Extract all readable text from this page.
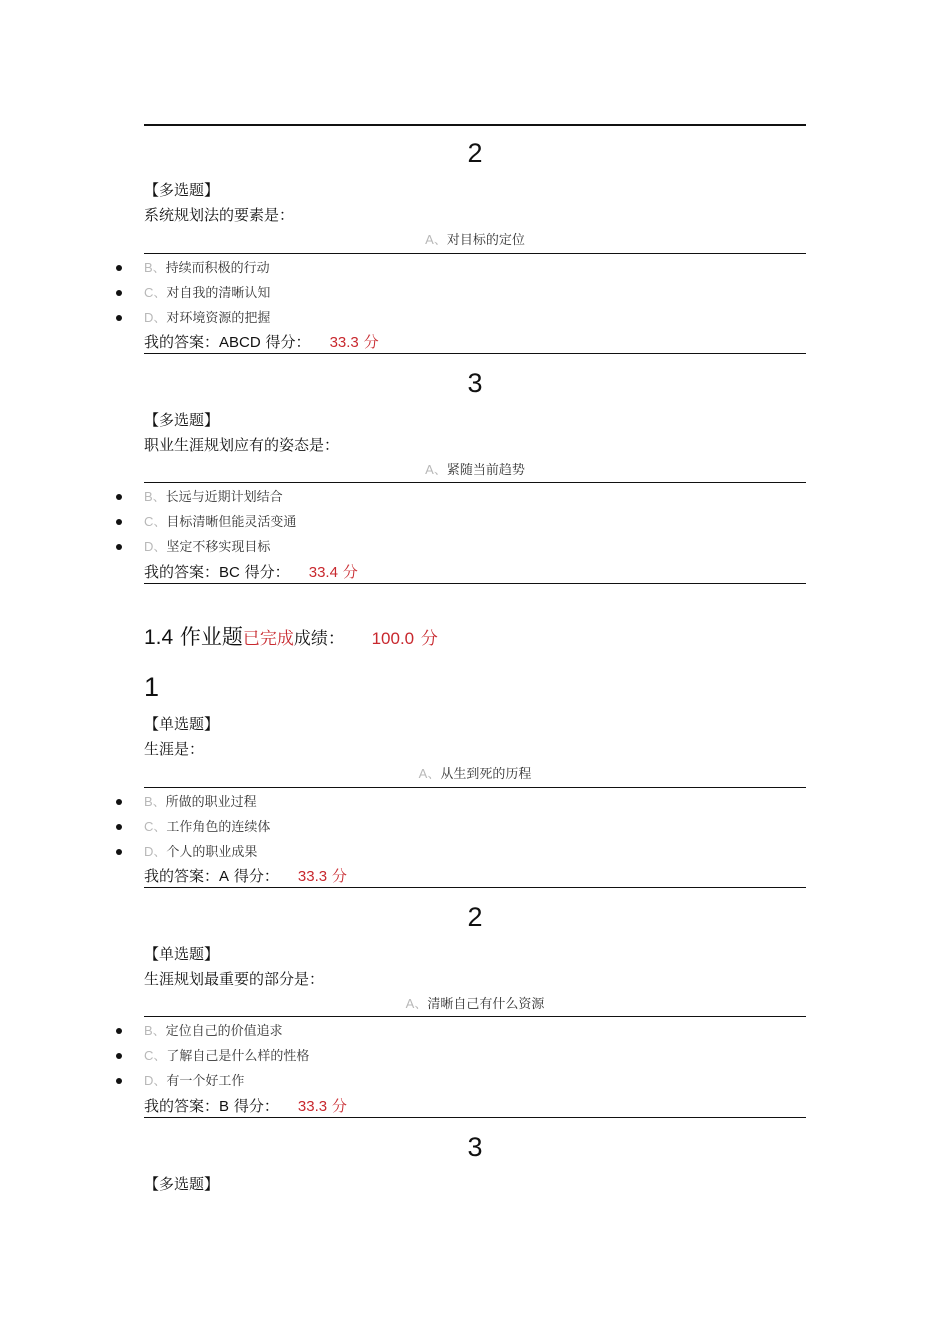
2
【多选题】
系统规划法的要素是：
A、对目标的定位
B、持续而积极的行动
C、对自我的清晰认知
D、对环境资源的把握
我的答案：ABCD 得分： 33.3 分
3
【多选题】
职业生涯规划应有的姿态是：
A、紧随当前趋势
B、长远与近期计划结合
C、目标清晰但能灵活变通
D、坚定不移实现目标
我的答案：BC 得分： 33.4 分
1.4 作业题已完成成绩： 100.0 分
1
【单选题】
生涯是：
A、从生到死的历程
B、所做的职业过程
C、工作角色的连续体
D、个人的职业成果
我的答案：A 得分： 33.3 分
2
【单选题】
生涯规划最重要的部分是：
A、清晰自己有什么资源
B、定位自己的价值追求
C、了解自己是什么样的性格
D、有一个好工作
我的答案：B 得分： 33.3 分
3
【多选题】
